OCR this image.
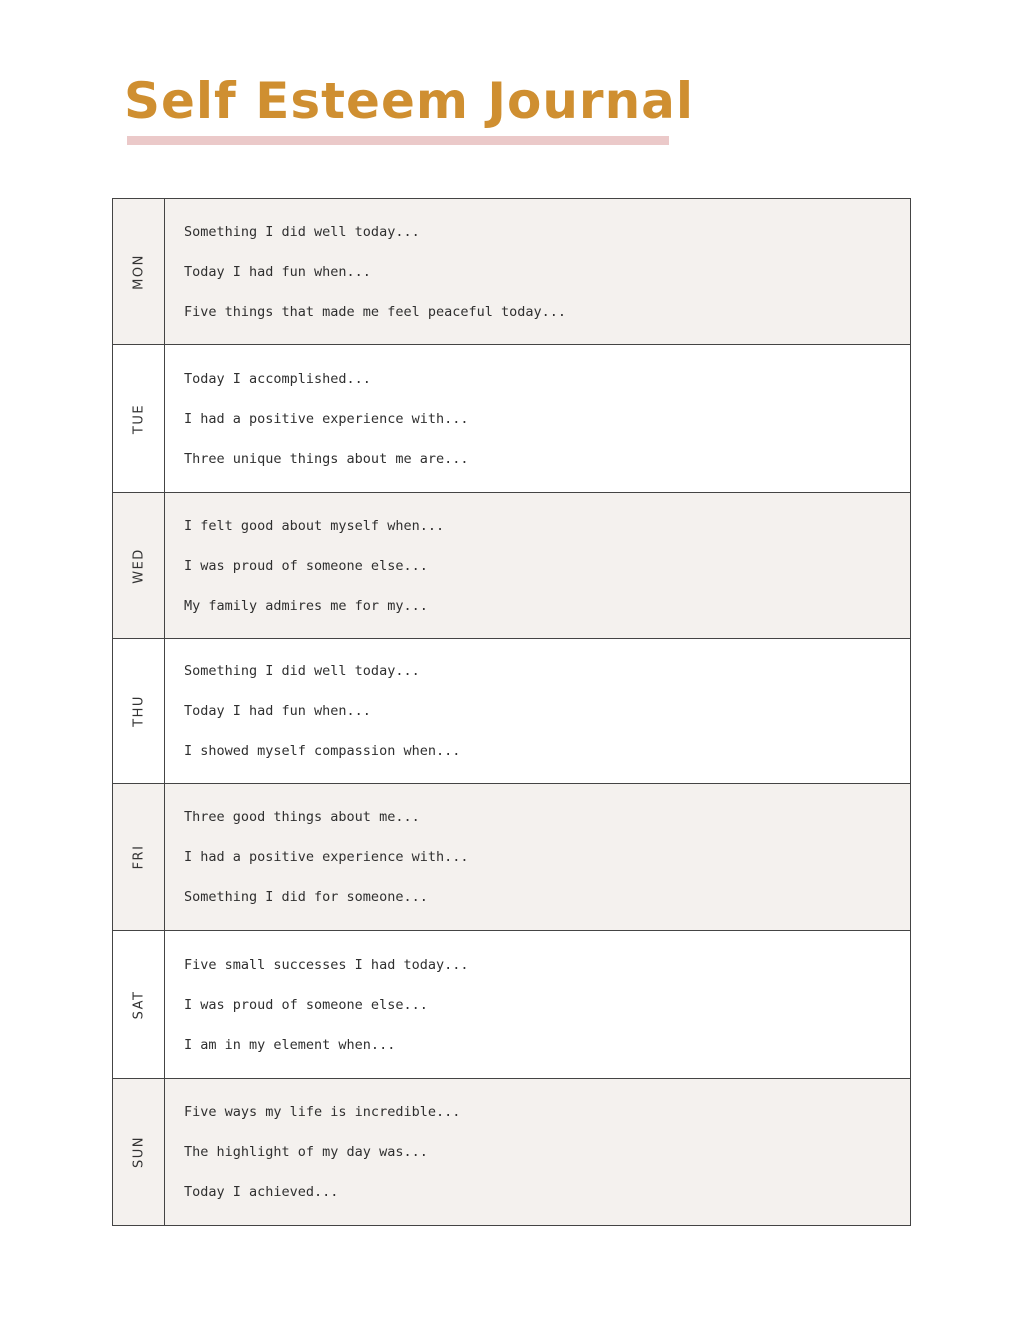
Self Esteem Journal
MON
Something I did well today...
Today I had fun when...
Five things that made me feel peaceful today...
TUE
Today I accomplished...
I had a positive experience with...
Three unique things about me are...
WED
I felt good about myself when...
I was proud of someone else...
My family admires me for my...
THU
Something I did well today...
Today I had fun when...
I showed myself compassion when...
FRI
Three good things about me...
I had a positive experience with...
Something I did for someone...
SAT
Five small successes I had today...
I was proud of someone else...
I am in my element when...
SUN
Five ways my life is incredible...
The highlight of my day was...
Today I achieved...
